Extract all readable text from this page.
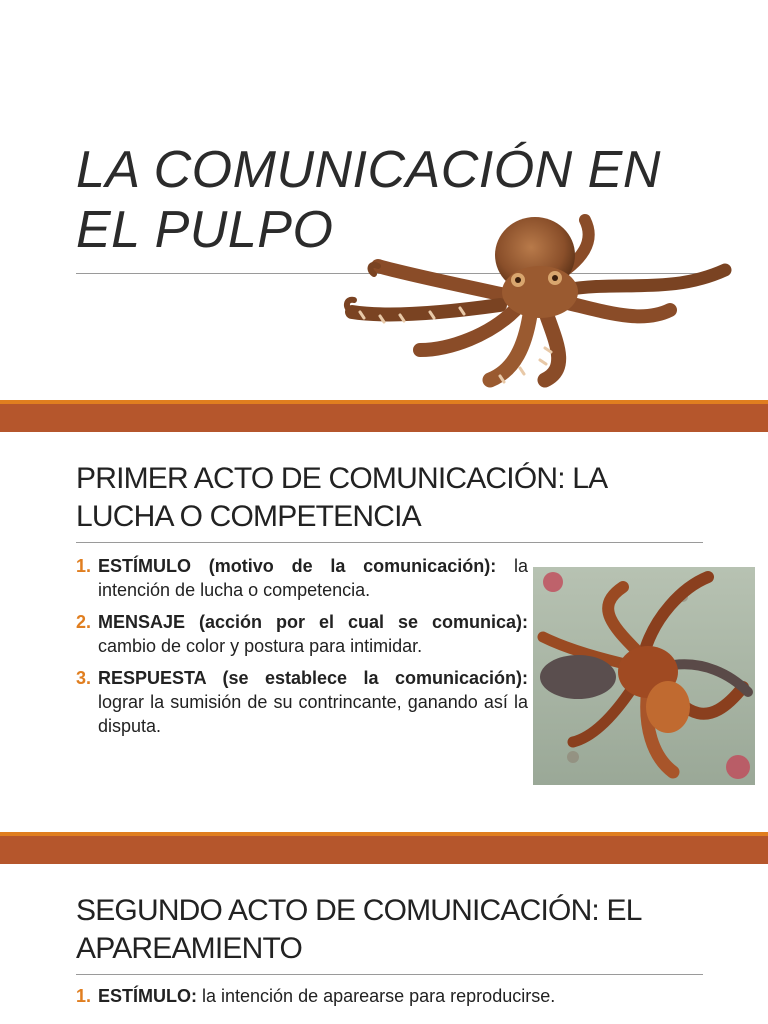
LA COMUNICACIÓN EN
EL PULPO
PRIMER ACTO DE COMUNICACIÓN: LA
LUCHA O COMPETENCIA
1. ESTÍMULO (motivo de la comunicación): la intención de lucha o competencia.
2. MENSAJE (acción por el cual se comunica): cambio de color y postura para intimidar.
3. RESPUESTA (se establece la comunicación): lograr la sumisión de su contrincante, ganando así la disputa.
SEGUNDO ACTO DE COMUNICACIÓN: EL
APAREAMIENTO
1. ESTÍMULO: la intención de aparearse para reproducirse.
